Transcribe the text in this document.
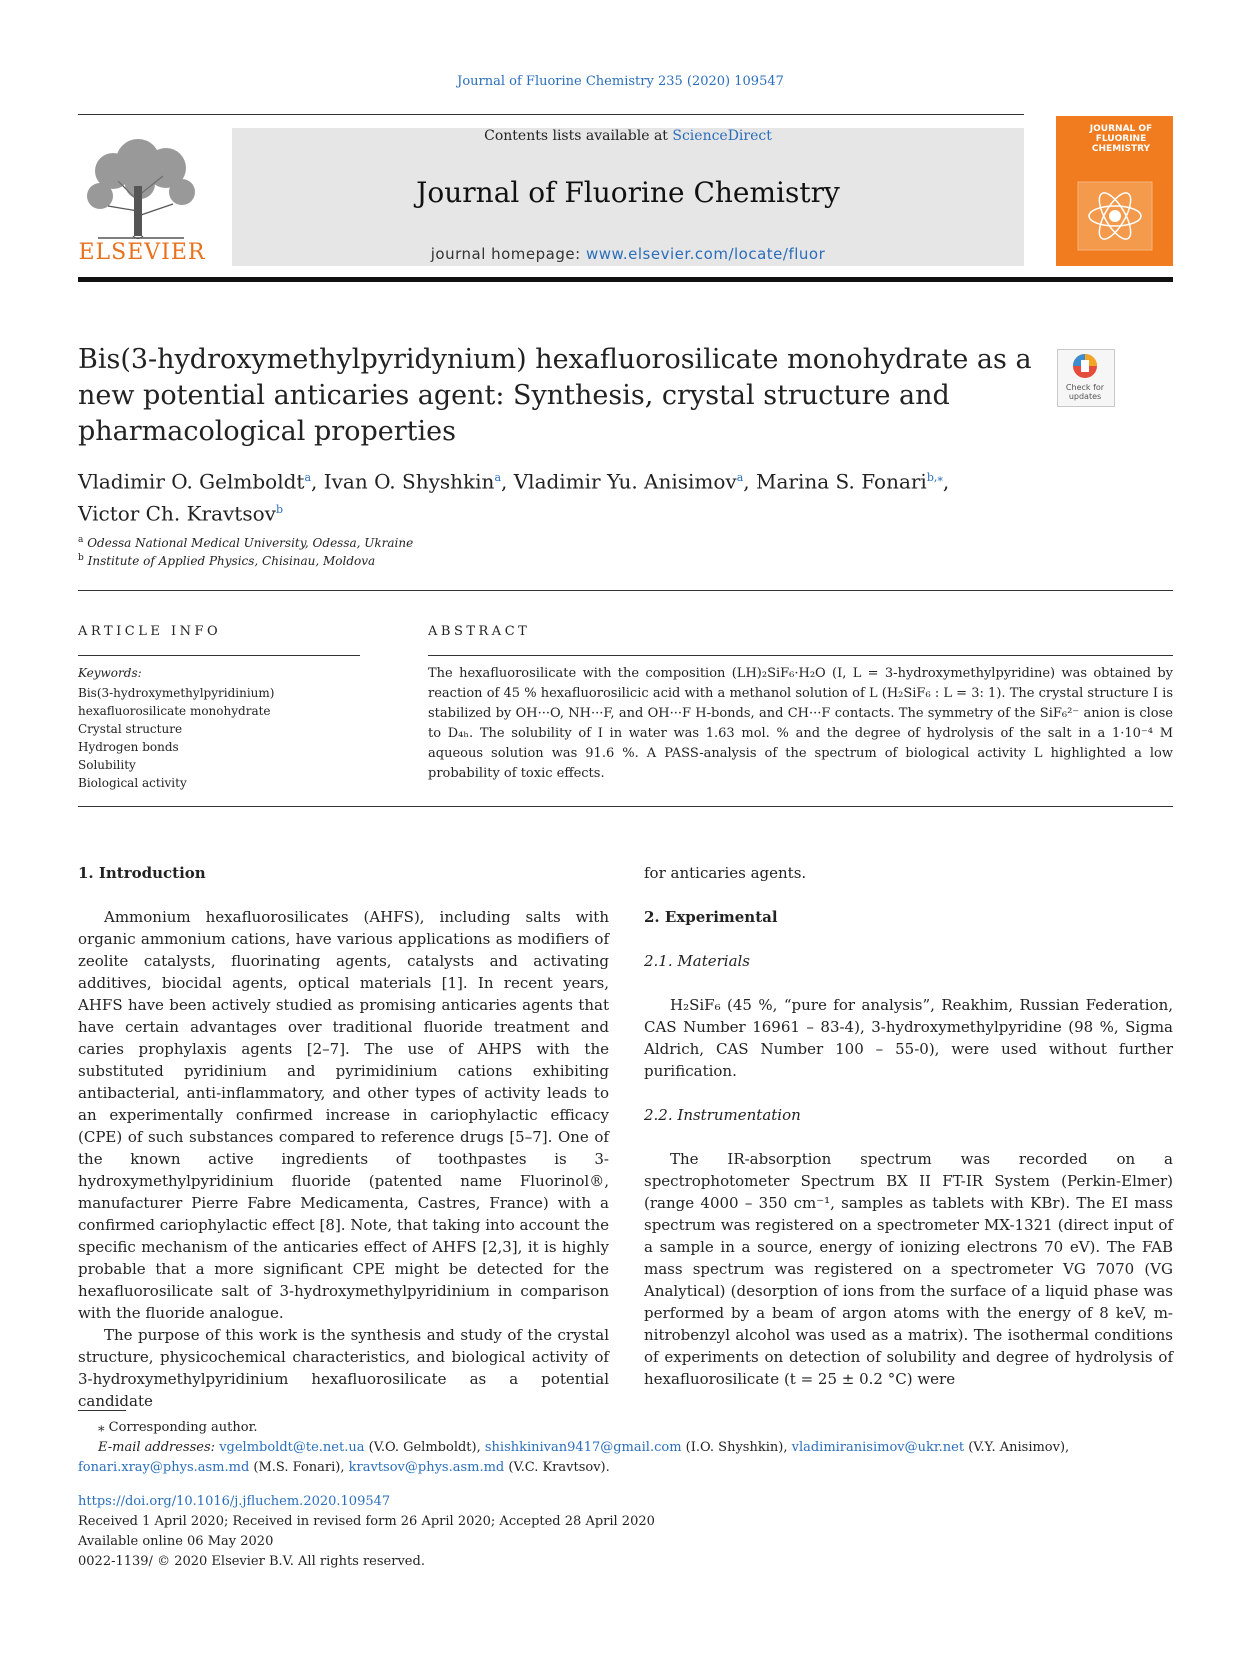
Journal of Fluorine Chemistry 235 (2020) 109547
ELSEVIER
Contents lists available at ScienceDirect
Journal of Fluorine Chemistry
journal homepage: www.elsevier.com/locate/fluor
JOURNAL OF FLUORINE CHEMISTRY
Bis(3-hydroxymethylpyridynium) hexafluorosilicate monohydrate as a new potential anticaries agent: Synthesis, crystal structure and pharmacological properties
Check for updates
Vladimir O. Gelmboldt$^a$, Ivan O. Shyshkin$^a$, Vladimir Yu. Anisimov$^a$, Marina S. Fonari$^{b,⁎}$,
Victor Ch. Kravtsov$^b$
$^a$ Odessa National Medical University, Odessa, Ukraine
$^b$ Institute of Applied Physics, Chisinau, Moldova
ARTICLE INFO
Keywords:
Bis(3-hydroxymethylpyridinium)
hexafluorosilicate monohydrate
Crystal structure
Hydrogen bonds
Solubility
Biological activity
ABSTRACT
The hexafluorosilicate with the composition (LH)₂SiF₆·H₂O (I, L = 3-hydroxymethylpyridine) was obtained by reaction of 45 % hexafluorosilicic acid with a methanol solution of L (H₂SiF₆ : L = 3: 1). The crystal structure I is stabilized by OH···O, NH···F, and OH···F H-bonds, and CH···F contacts. The symmetry of the SiF₆²⁻ anion is close to D₄ₕ. The solubility of I in water was 1.63 mol. % and the degree of hydrolysis of the salt in a 1·10⁻⁴ M aqueous solution was 91.6 %. A PASS-analysis of the spectrum of biological activity L highlighted a low probability of toxic effects.
1. Introduction

Ammonium hexafluorosilicates (AHFS), including salts with organic ammonium cations, have various applications as modifiers of zeolite catalysts, fluorinating agents, catalysts and activating additives, biocidal agents, optical materials [1]. In recent years, AHFS have been actively studied as promising anticaries agents that have certain advantages over traditional fluoride treatment and caries prophylaxis agents [2–7]. The use of AHPS with the substituted pyridinium and pyrimidinium cations exhibiting antibacterial, anti-inflammatory, and other types of activity leads to an experimentally confirmed increase in cariophylactic efficacy (CPE) of such substances compared to reference drugs [5–7]. One of the known active ingredients of toothpastes is 3-hydroxymethylpyridinium fluoride (patented name Fluorinol®, manufacturer Pierre Fabre Medicamenta, Castres, France) with a confirmed cariophylactic effect [8]. Note, that taking into account the specific mechanism of the anticaries effect of AHFS [2,3], it is highly probable that a more significant CPE might be detected for the hexafluorosilicate salt of 3-hydroxymethylpyridinium in comparison with the fluoride analogue.

The purpose of this work is the synthesis and study of the crystal structure, physicochemical characteristics, and biological activity of 3-hydroxymethylpyridinium hexafluorosilicate as a potential candidate

for anticaries agents.

2. Experimental
2.1. Materials

H₂SiF₆ (45 %, “pure for analysis”, Reakhim, Russian Federation, CAS Number 16961 – 83-4), 3-hydroxymethylpyridine (98 %, Sigma Aldrich, CAS Number 100 – 55-0), were used without further purification.

2.2. Instrumentation

The IR-absorption spectrum was recorded on a spectrophotometer Spectrum BX II FT-IR System (Perkin-Elmer) (range 4000 – 350 cm⁻¹, samples as tablets with KBr). The EI mass spectrum was registered on a spectrometer MX-1321 (direct input of a sample in a source, energy of ionizing electrons 70 eV). The FAB mass spectrum was registered on a spectrometer VG 7070 (VG Analytical) (desorption of ions from the surface of a liquid phase was performed by a beam of argon atoms with the energy of 8 keV, m-nitrobenzyl alcohol was used as a matrix). The isothermal conditions of experiments on detection of solubility and degree of hydrolysis of hexafluorosilicate (t = 25 ± 0.2 °C) were

⁎ Corresponding author.
E-mail addresses: vgelmboldt@te.net.ua (V.O. Gelmboldt), shishkinivan9417@gmail.com (I.O. Shyshkin), vladimiranisimov@ukr.net (V.Y. Anisimov),
fonari.xray@phys.asm.md (M.S. Fonari), kravtsov@phys.asm.md (V.C. Kravtsov).
https://doi.org/10.1016/j.jfluchem.2020.109547
Received 1 April 2020; Received in revised form 26 April 2020; Accepted 28 April 2020
Available online 06 May 2020
0022-1139/ © 2020 Elsevier B.V. All rights reserved.
